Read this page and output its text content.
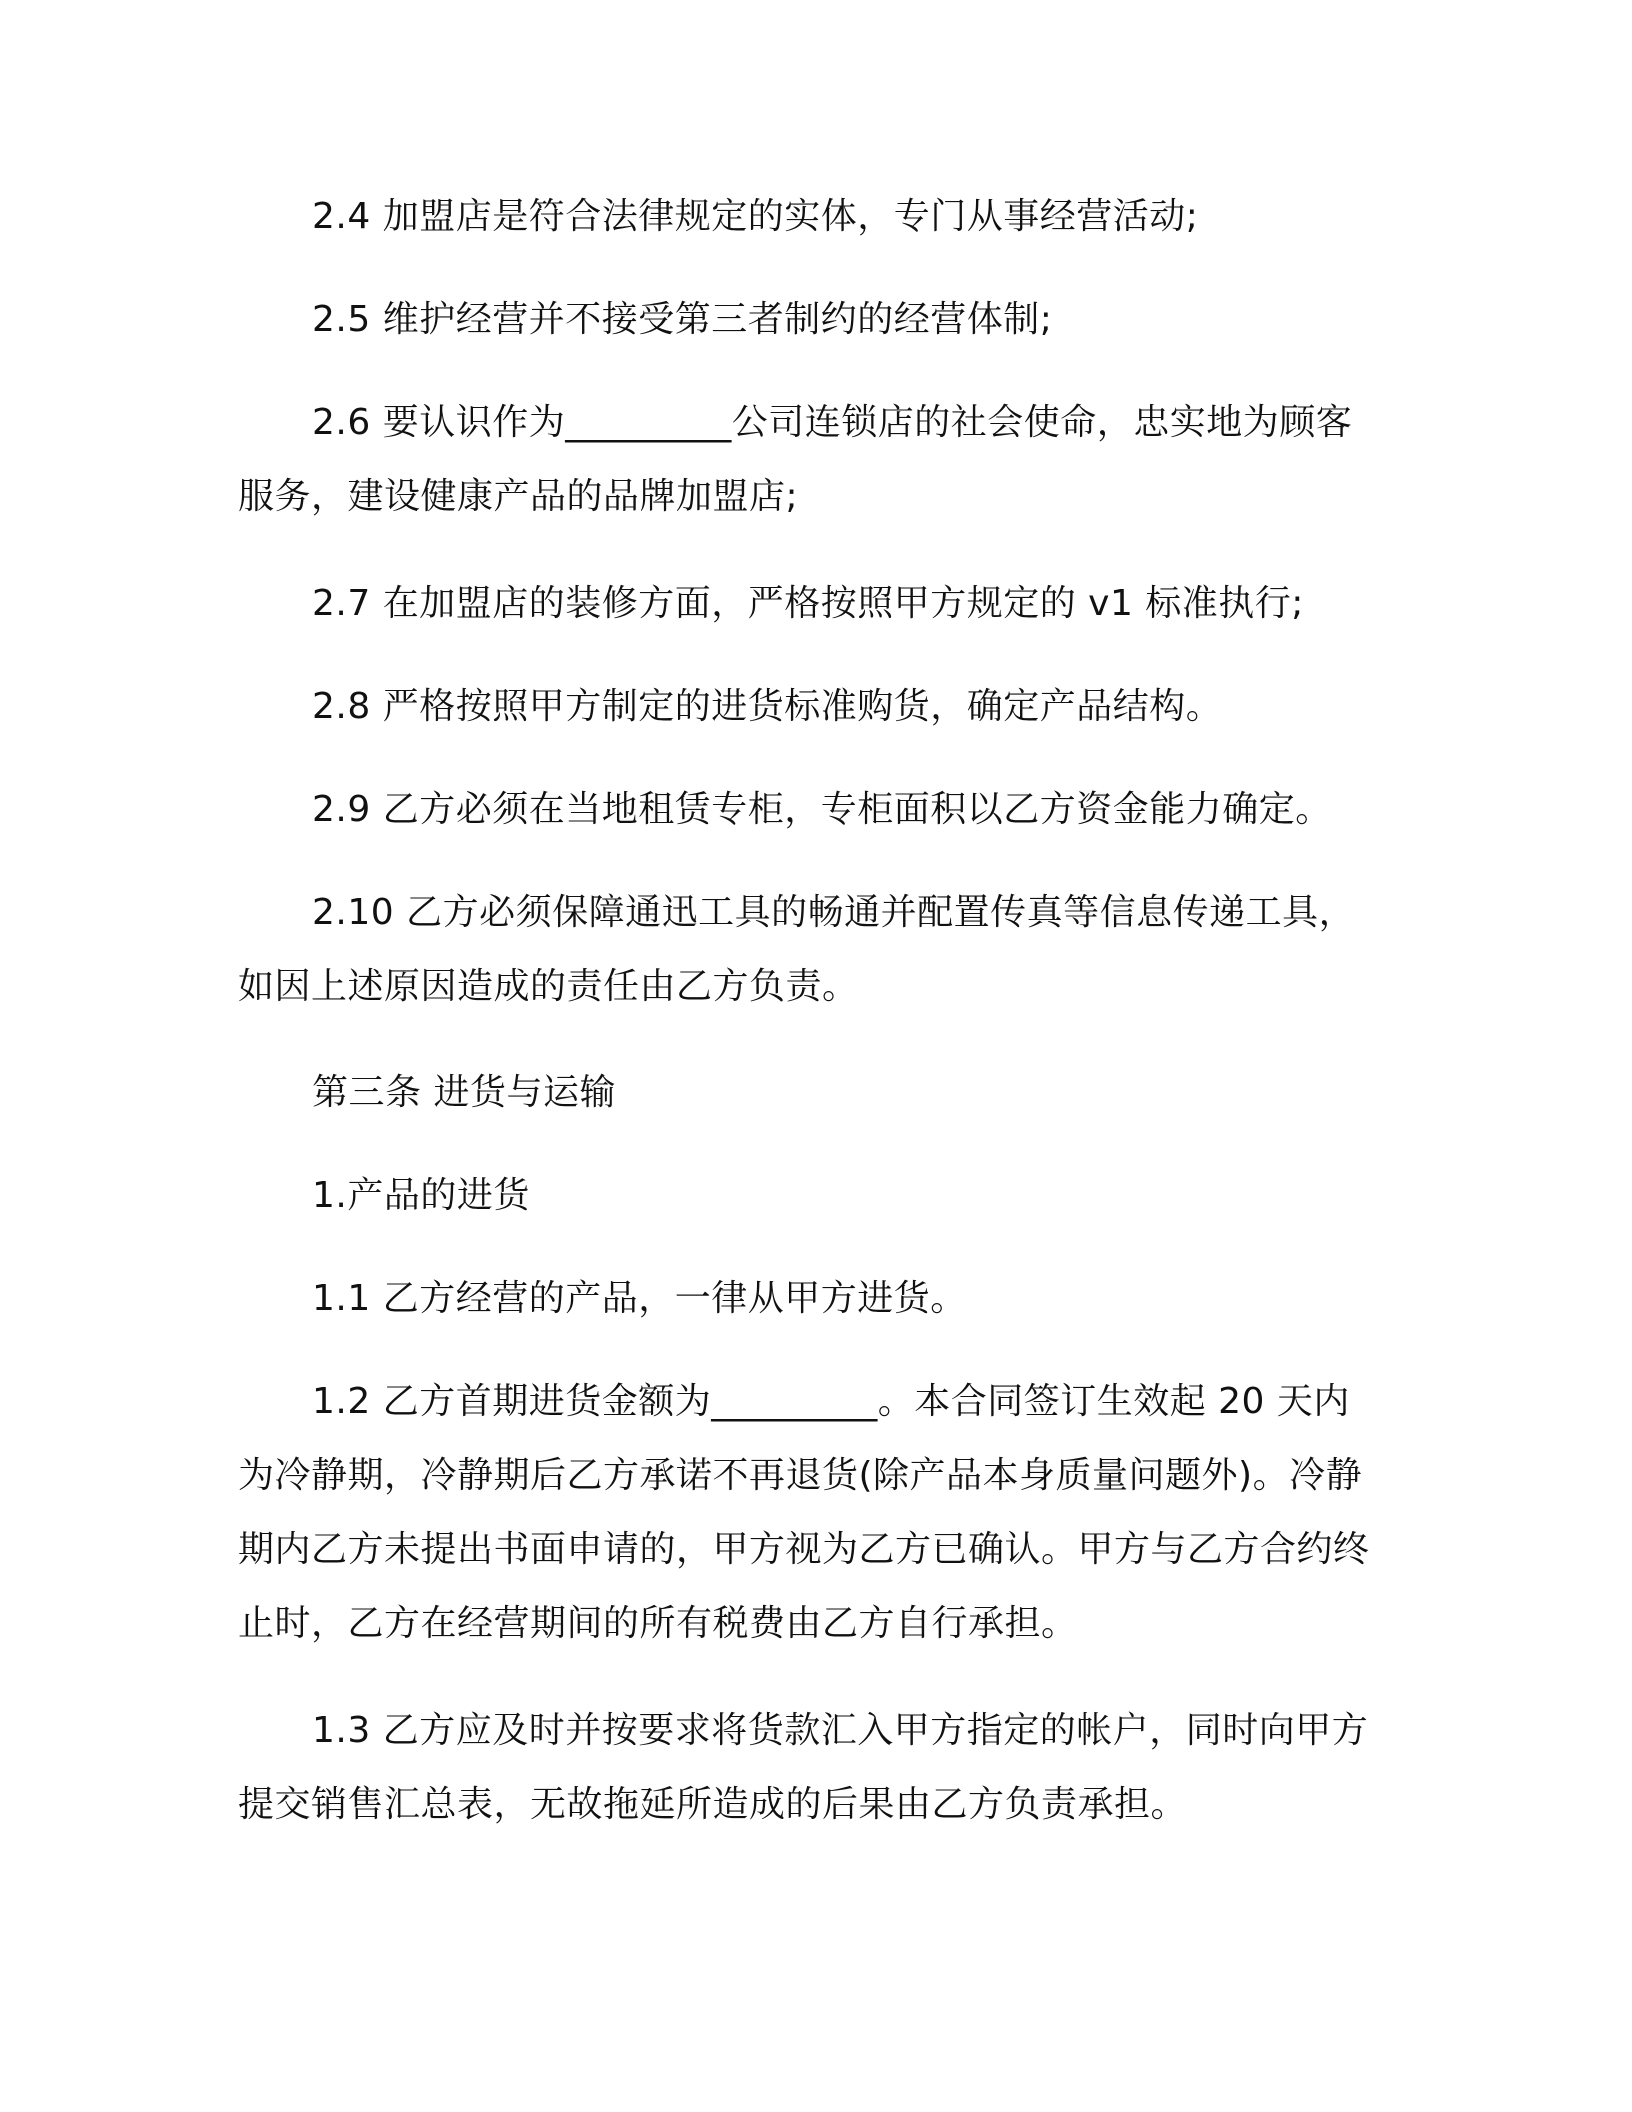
2.4 加盟店是符合法律规定的实体，专门从事经营活动;
2.5 维护经营并不接受第三者制约的经营体制;
2.6 要认识作为_________公司连锁店的社会使命，忠实地为顾客服务，建设健康产品的品牌加盟店;
2.7 在加盟店的装修方面，严格按照甲方规定的 v1 标准执行;
2.8 严格按照甲方制定的进货标准购货，确定产品结构。
2.9 乙方必须在当地租赁专柜，专柜面积以乙方资金能力确定。
2.10 乙方必须保障通迅工具的畅通并配置传真等信息传递工具，如因上述原因造成的责任由乙方负责。
第三条 进货与运输
1.产品的进货
1.1 乙方经营的产品，一律从甲方进货。
1.2 乙方首期进货金额为_________。本合同签订生效起 20 天内为冷静期，冷静期后乙方承诺不再退货(除产品本身质量问题外)。冷静期内乙方未提出书面申请的，甲方视为乙方已确认。甲方与乙方合约终止时，乙方在经营期间的所有税费由乙方自行承担。
1.3 乙方应及时并按要求将货款汇入甲方指定的帐户，同时向甲方提交销售汇总表，无故拖延所造成的后果由乙方负责承担。
